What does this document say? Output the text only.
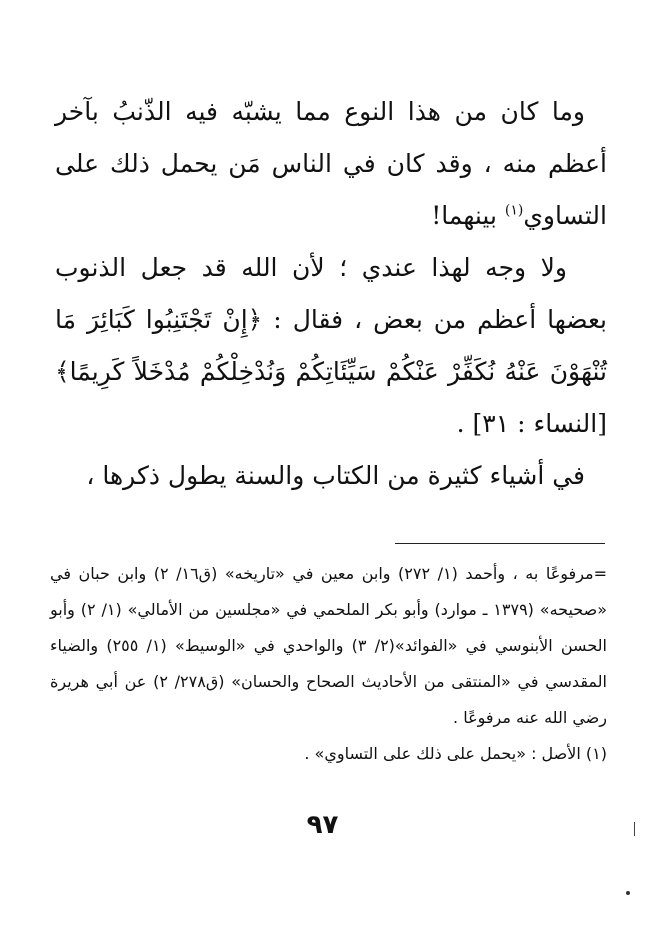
وما كان من هذا النوع مما يشبّه فيه الذّنبُ بآخر أعظم منه ، وقد كان في الناس مَن يحمل ذلك على التساوي$^{(١)}$ بينهما!

ولا وجه لهذا عندي ؛ لأن الله قد جعل الذنوب بعضها أعظم من بعض ، فقال : ﴿إِنْ تَجْتَنِبُوا كَبَائِرَ مَا تُنْهَوْنَ عَنْهُ نُكَفِّرْ عَنْكُمْ سَيِّئَاتِكُمْ وَنُدْخِلْكُمْ مُدْخَلاً كَرِيمًا﴾ [النساء : ٣١] .

في أشياء كثيرة من الكتاب والسنة يطول ذكرها ،

=مرفوعًا به ، وأحمد (١/ ٢٧٢) وابن معين في «تاريخه» (ق١٦/ ٢) وابن حبان في «صحيحه» (١٣٧٩ ـ موارد) وأبو بكر الملحمي في «مجلسين من الأمالي» (١/ ٢) وأبو الحسن الأبنوسي في «الفوائد»(٢/ ٣) والواحدي في «الوسيط» (١/ ٢٥٥) والضياء المقدسي في «المنتقى من الأحاديث الصحاح والحسان» (ق٢٧٨/ ٢) عن أبي هريرة رضي الله عنه مرفوعًا .

(١) الأصل : «يحمل على ذلك على التساوي» .

٩٧
